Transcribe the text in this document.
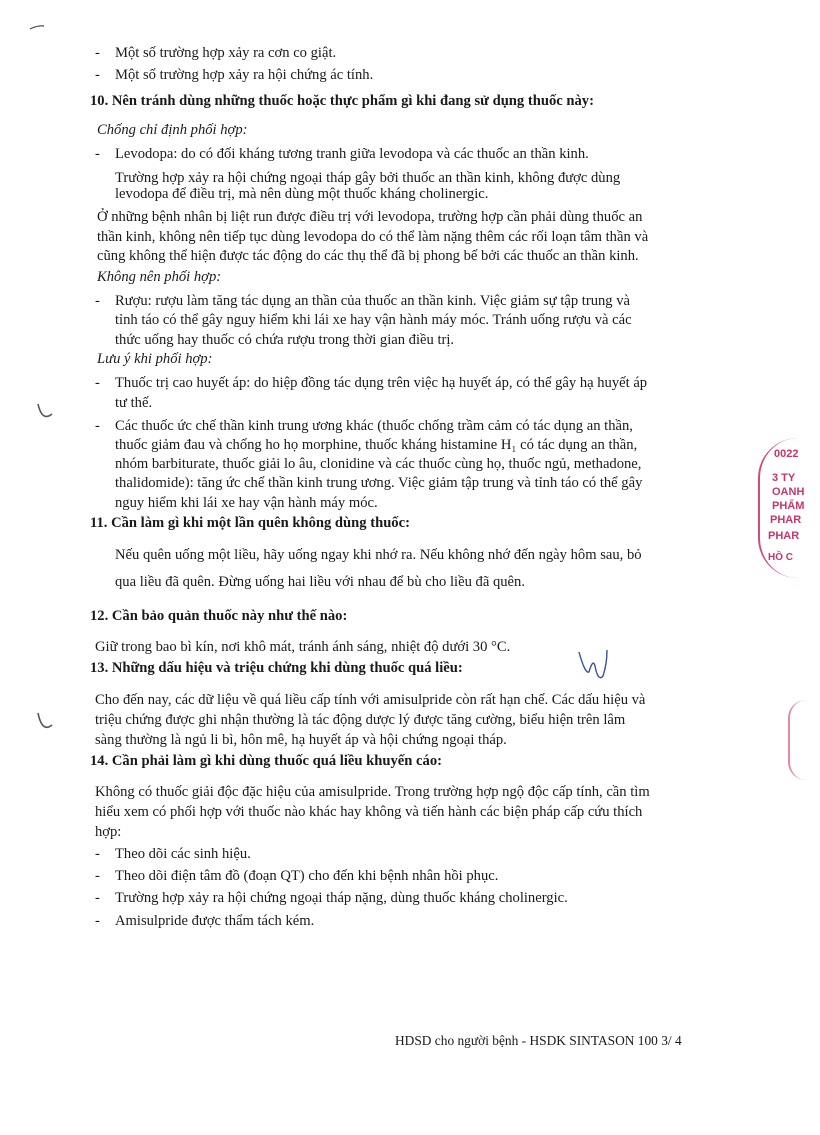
0022
3 TY
OANH
PHẨM
PHAR
PHAR
HỒ C
- Một số trường hợp xảy ra cơn co giật.
- Một số trường hợp xảy ra hội chứng ác tính.
10. Nên tránh dùng những thuốc hoặc thực phẩm gì khi đang sử dụng thuốc này:
Chống chỉ định phối hợp:
- Levodopa: do có đối kháng tương tranh giữa levodopa và các thuốc an thần kinh.
Trường hợp xảy ra hội chứng ngoại tháp gây bởi thuốc an thần kinh, không được dùng
levodopa để điều trị, mà nên dùng một thuốc kháng cholinergic.
Ở những bệnh nhân bị liệt run được điều trị với levodopa, trường hợp cần phải dùng thuốc an
thần kinh, không nên tiếp tục dùng levodopa do có thể làm nặng thêm các rối loạn tâm thần và
cũng không thể hiện được tác động do các thụ thể đã bị phong bế bởi các thuốc an thần kinh.
Không nên phối hợp:
- Rượu: rượu làm tăng tác dụng an thần của thuốc an thần kinh. Việc giảm sự tập trung và
tỉnh táo có thể gây nguy hiểm khi lái xe hay vận hành máy móc. Tránh uống rượu và các
thức uống hay thuốc có chứa rượu trong thời gian điều trị.
Lưu ý khi phối hợp:
- Thuốc trị cao huyết áp: do hiệp đồng tác dụng trên việc hạ huyết áp, có thể gây hạ huyết áp
tư thế.
- Các thuốc ức chế thần kinh trung ương khác (thuốc chống trầm cảm có tác dụng an thần,
thuốc giảm đau và chống ho họ morphine, thuốc kháng histamine H₁ có tác dụng an thần,
nhóm barbiturate, thuốc giải lo âu, clonidine và các thuốc cùng họ, thuốc ngủ, methadone,
thalidomide): tăng ức chế thần kinh trung ương. Việc giảm tập trung và tỉnh táo có thể gây
nguy hiểm khi lái xe hay vận hành máy móc.
11. Cần làm gì khi một lần quên không dùng thuốc:
Nếu quên uống một liều, hãy uống ngay khi nhớ ra. Nếu không nhớ đến ngày hôm sau, bỏ
qua liều đã quên. Đừng uống hai liều với nhau để bù cho liều đã quên.
12. Cần bảo quản thuốc này như thế nào:
Giữ trong bao bì kín, nơi khô mát, tránh ánh sáng, nhiệt độ dưới 30 °C.
13. Những dấu hiệu và triệu chứng khi dùng thuốc quá liều:
Cho đến nay, các dữ liệu về quá liều cấp tính với amisulpride còn rất hạn chế. Các dấu hiệu và
triệu chứng được ghi nhận thường là tác động dược lý được tăng cường, biểu hiện trên lâm
sàng thường là ngủ li bì, hôn mê, hạ huyết áp và hội chứng ngoại tháp.
14. Cần phải làm gì khi dùng thuốc quá liều khuyến cáo:
Không có thuốc giải độc đặc hiệu của amisulpride. Trong trường hợp ngộ độc cấp tính, cần tìm
hiểu xem có phối hợp với thuốc nào khác hay không và tiến hành các biện pháp cấp cứu thích
hợp:
- Theo dõi các sinh hiệu.
- Theo dõi điện tâm đồ (đoạn QT) cho đến khi bệnh nhân hồi phục.
- Trường hợp xảy ra hội chứng ngoại tháp nặng, dùng thuốc kháng cholinergic.
- Amisulpride được thẩm tách kém.
HDSD cho người bệnh - HSDK SINTASON 100 3/ 4
